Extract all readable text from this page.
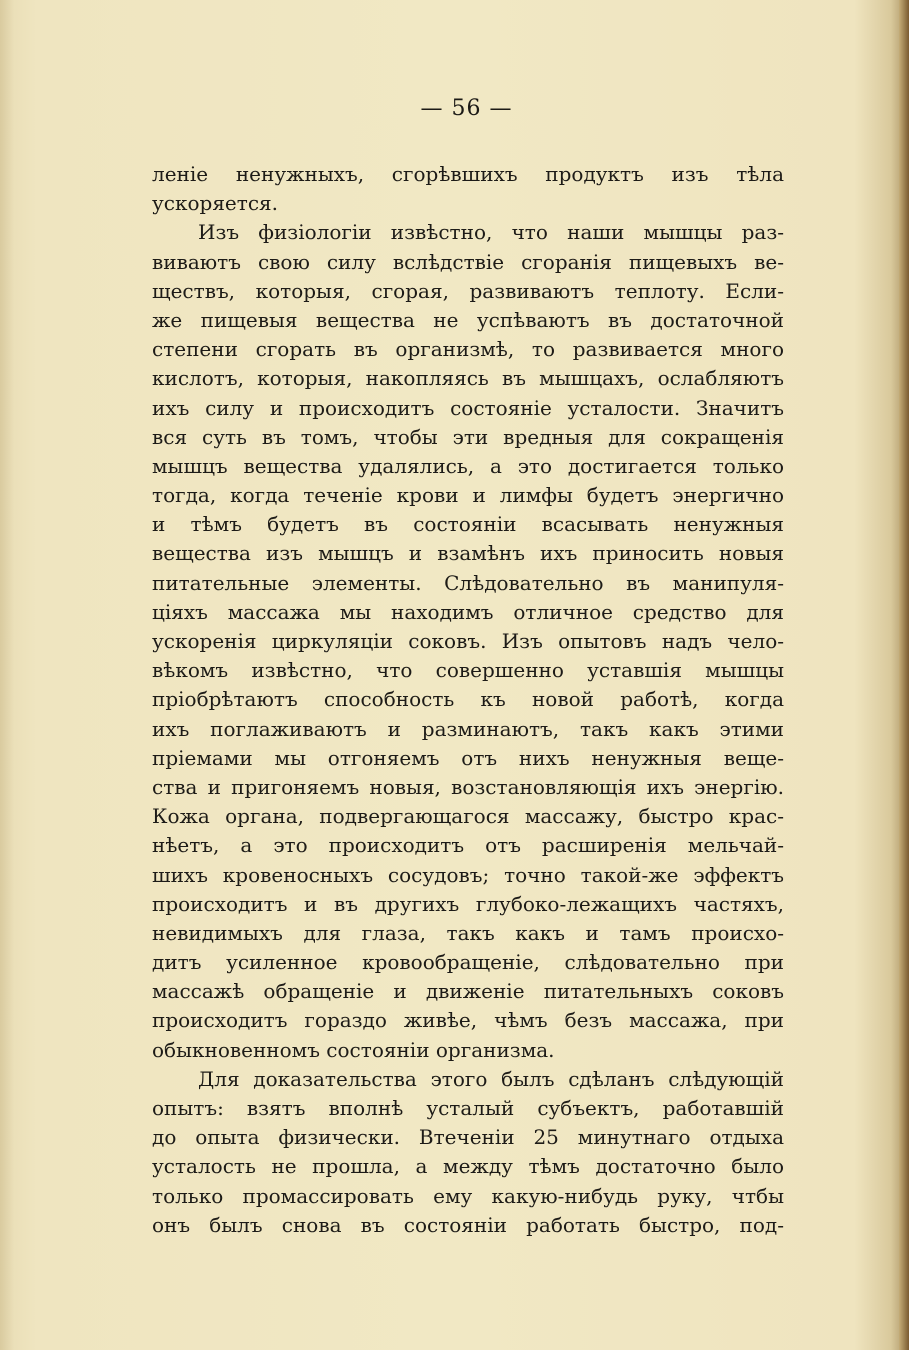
— 56 —
леніе ненужныхъ, сгорѣвшихъ продуктъ изъ тѣла
ускоряется.
Изъ физіологіи извѣстно, что наши мышцы раз-
виваютъ свою силу вслѣдствіе сгоранія пищевыхъ ве-
ществъ, которыя, сгорая, развиваютъ теплоту. Если-
же пищевыя вещества не успѣваютъ въ достаточной
степени сгорать въ организмѣ, то развивается много
кислотъ, которыя, накопляясь въ мышцахъ, ослабляютъ
ихъ силу и происходитъ состояніе усталости. Значитъ
вся суть въ томъ, чтобы эти вредныя для сокращенія
мышцъ вещества удалялись, а это достигается только
тогда, когда теченіе крови и лимфы будетъ энергично
и тѣмъ будетъ въ состояніи всасывать ненужныя
вещества изъ мышцъ и взамѣнъ ихъ приносить новыя
питательные элементы. Слѣдовательно въ манипуля-
ціяхъ массажа мы находимъ отличное средство для
ускоренія циркуляціи соковъ. Изъ опытовъ надъ чело-
вѣкомъ извѣстно, что совершенно уставшія мышцы
пріобрѣтаютъ способность къ новой работѣ, когда
ихъ поглаживаютъ и разминаютъ, такъ какъ этими
пріемами мы отгоняемъ отъ нихъ ненужныя веще-
ства и пригоняемъ новыя, возстановляющія ихъ энергію.
Кожа органа, подвергающагося массажу, быстро крас-
нѣетъ, а это происходитъ отъ расширенія мельчай-
шихъ кровеносныхъ сосудовъ; точно такой-же эффектъ
происходитъ и въ другихъ глубоко-лежащихъ частяхъ,
невидимыхъ для глаза, такъ какъ и тамъ происхо-
дитъ усиленное кровообращеніе, слѣдовательно при
массажѣ обращеніе и движеніе питательныхъ соковъ
происходитъ гораздо живѣе, чѣмъ безъ массажа, при
обыкновенномъ состояніи организма.
Для доказательства этого былъ сдѣланъ слѣдующій
опытъ: взятъ вполнѣ усталый субъектъ, работавшій
до опыта физически. Втеченіи 25 минутнаго отдыха
усталость не прошла, а между тѣмъ достаточно было
только промассировать ему какую-нибудь руку, чтбы
онъ былъ снова въ состояніи работать быстро, под-
